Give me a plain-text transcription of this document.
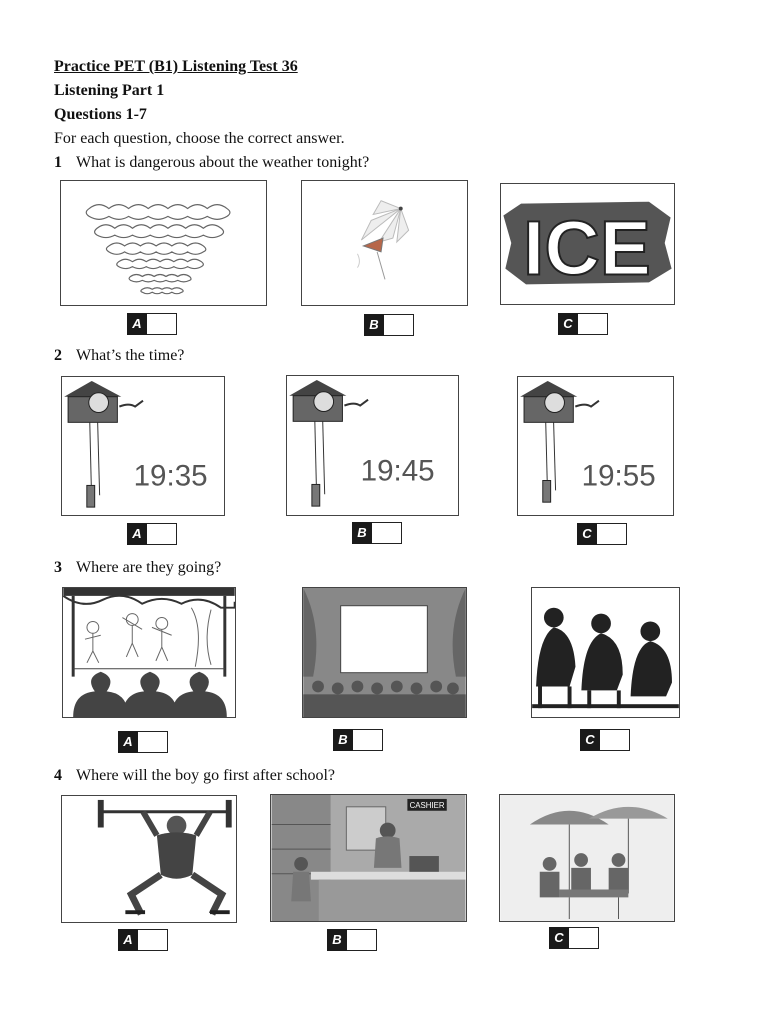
Practice PET (B1) Listening Test 36
Listening Part 1
Questions 1-7
For each question, choose the correct answer.
1 What is dangerous about the weather tonight?
ICE
A	B	C
2 What’s the time?
19:35	19:45	19:55
A	B	C
3 Where are they going?
A	B	C
4 Where will the boy go first after school?
CASHIER
A	B	C
